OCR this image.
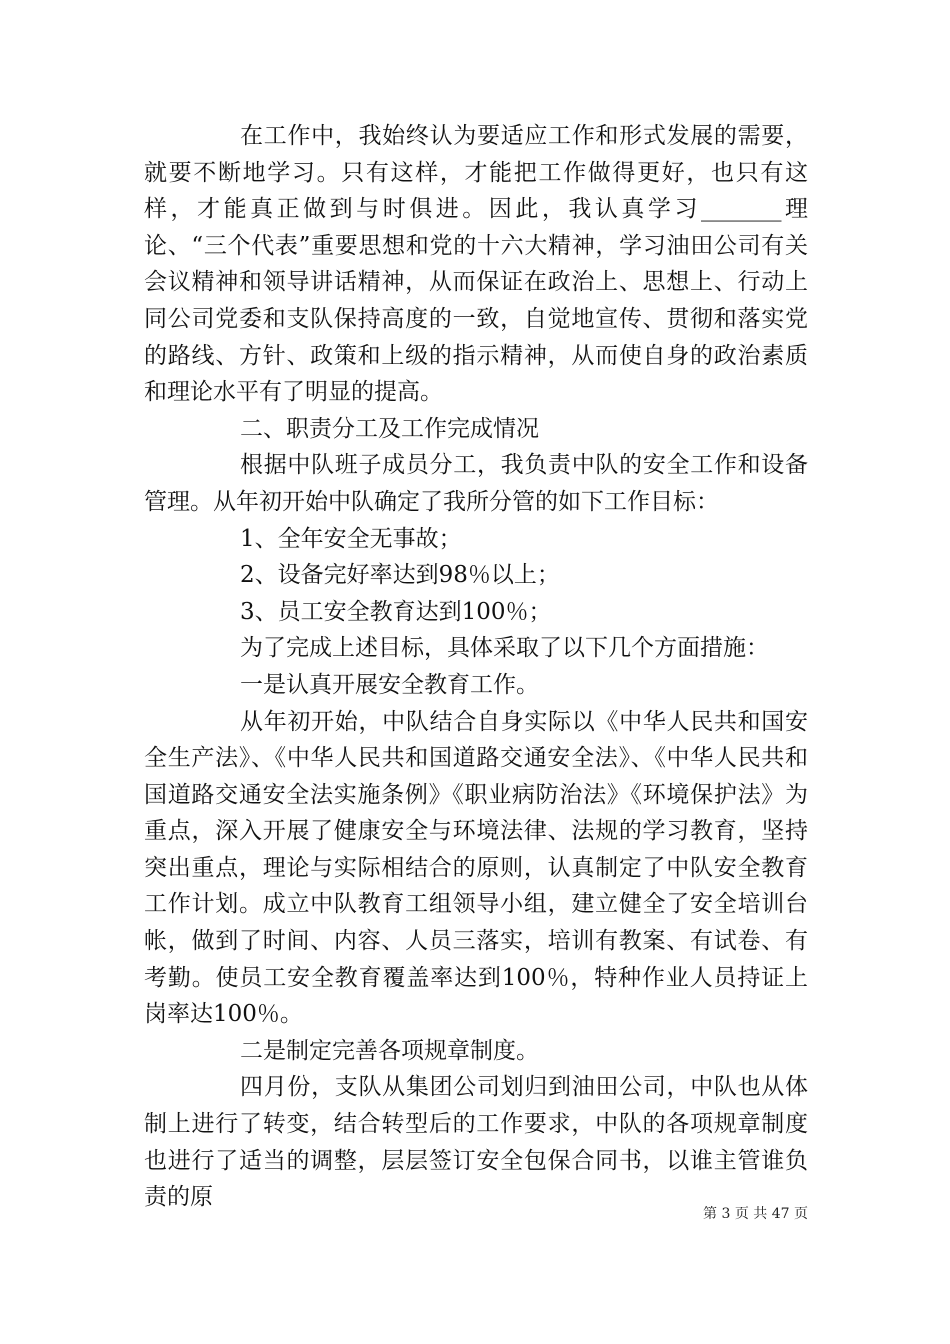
在工作中，我始终认为要适应工作和形式发展的需要，就要不断地学习。只有这样，才能把工作做得更好，也只有这样，才能真正做到与时俱进。因此，我认真学习_______理论、“三个代表”重要思想和党的十六大精神，学习油田公司有关会议精神和领导讲话精神，从而保证在政治上、思想上、行动上同公司党委和支队保持高度的一致，自觉地宣传、贯彻和落实党的路线、方针、政策和上级的指示精神，从而使自身的政治素质和理论水平有了明显的提高。

二、职责分工及工作完成情况

根据中队班子成员分工，我负责中队的安全工作和设备管理。从年初开始中队确定了我所分管的如下工作目标：

1、全年安全无事故；

2、设备完好率达到98％以上；

3、员工安全教育达到100％；

为了完成上述目标，具体采取了以下几个方面措施：

一是认真开展安全教育工作。

从年初开始，中队结合自身实际以《中华人民共和国安全生产法》、《中华人民共和国道路交通安全法》、《中华人民共和国道路交通安全法实施条例》《职业病防治法》《环境保护法》为重点，深入开展了健康安全与环境法律、法规的学习教育，坚持突出重点，理论与实际相结合的原则，认真制定了中队安全教育工作计划。成立中队教育工组领导小组，建立健全了安全培训台帐，做到了时间、内容、人员三落实，培训有教案、有试卷、有考勤。使员工安全教育覆盖率达到100％，特种作业人员持证上岗率达100％。

二是制定完善各项规章制度。

四月份，支队从集团公司划归到油田公司，中队也从体制上进行了转变，结合转型后的工作要求，中队的各项规章制度也进行了适当的调整，层层签订安全包保合同书，以谁主管谁负责的原

第 3 页 共 47 页
